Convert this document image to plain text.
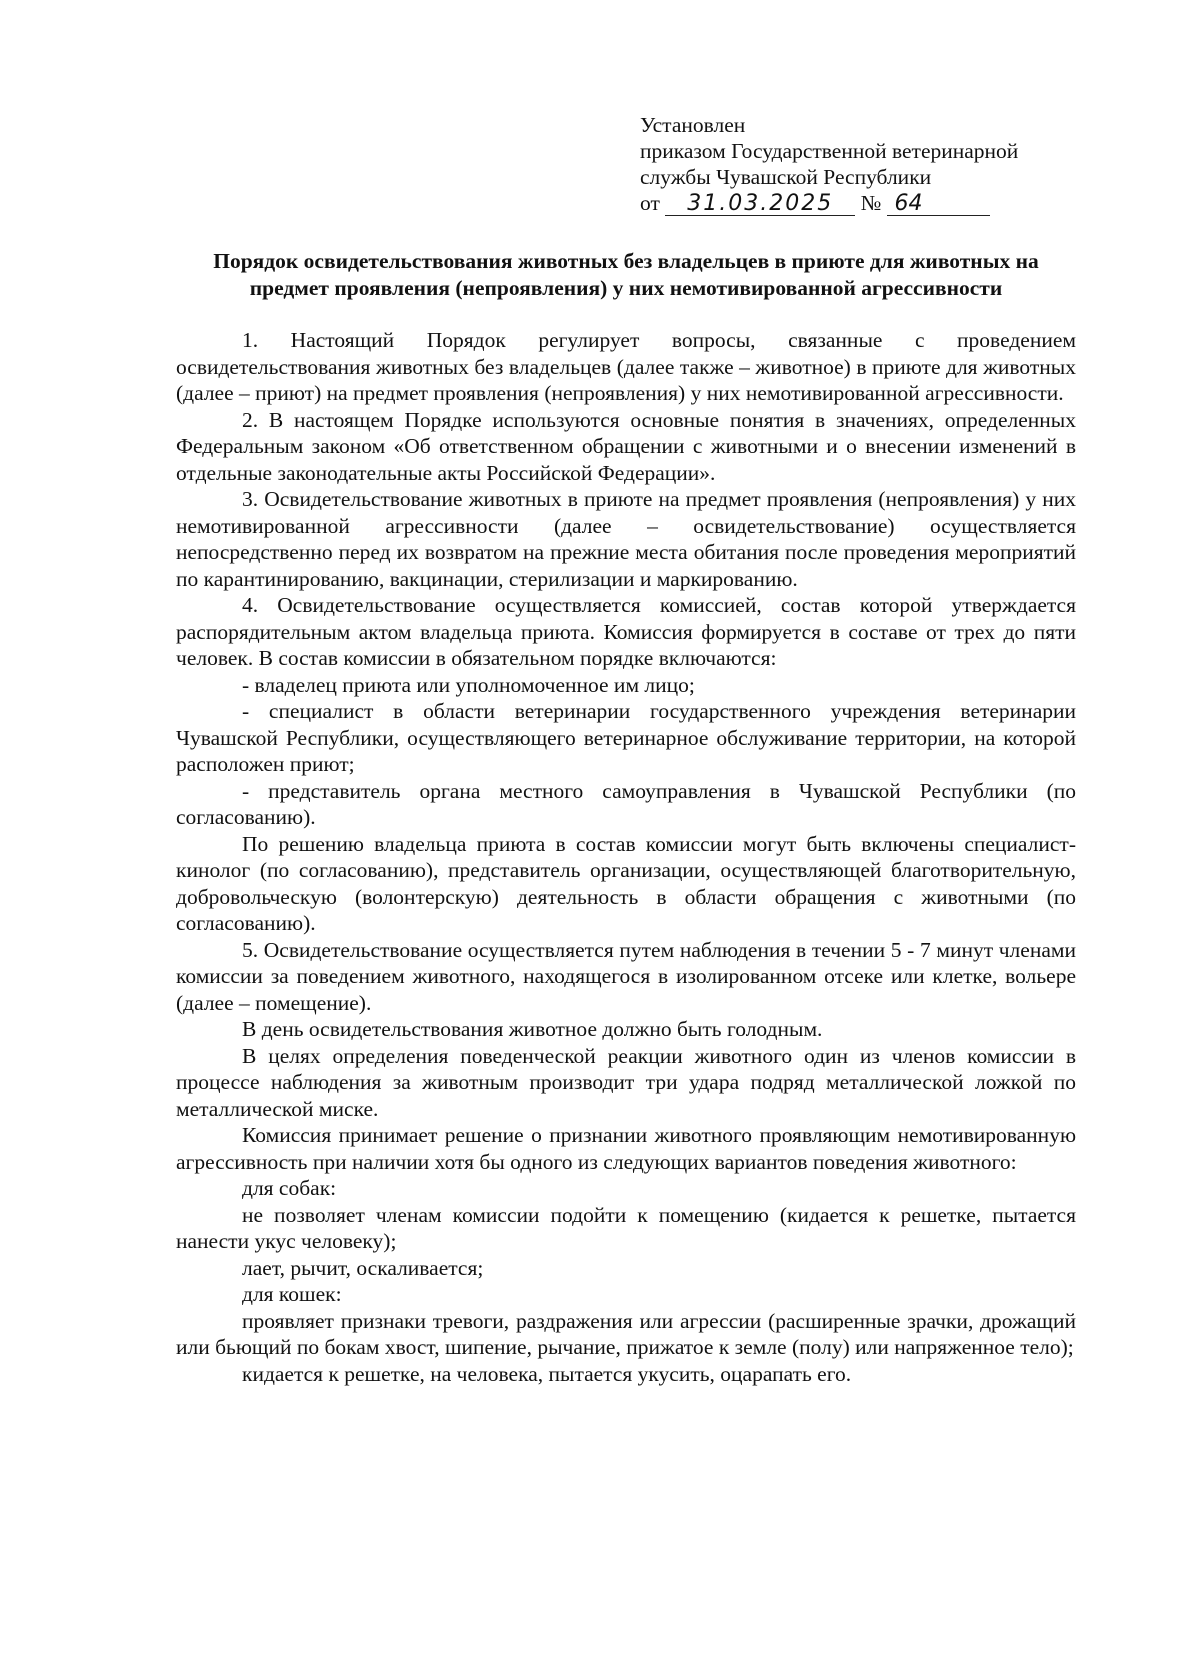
Установлен
приказом Государственной ветеринарной
службы Чувашской Республики
от 31.03.2025 № 64
Порядок освидетельствования животных без владельцев в приюте для животных на предмет проявления (непроявления) у них немотивированной агрессивности

1. Настоящий Порядок регулирует вопросы, связанные с проведением освидетельствования животных без владельцев (далее также – животное) в приюте для животных (далее – приют) на предмет проявления (непроявления) у них немотивированной агрессивности.

2. В настоящем Порядке используются основные понятия в значениях, определенных Федеральным законом «Об ответственном обращении с животными и о внесении изменений в отдельные законодательные акты Российской Федерации».

3. Освидетельствование животных в приюте на предмет проявления (непроявления) у них немотивированной агрессивности (далее – освидетельствование) осуществляется непосредственно перед их возвратом на прежние места обитания после проведения мероприятий по карантинированию, вакцинации, стерилизации и маркированию.

4. Освидетельствование осуществляется комиссией, состав которой утверждается распорядительным актом владельца приюта. Комиссия формируется в составе от трех до пяти человек. В состав комиссии в обязательном порядке включаются:

- владелец приюта или уполномоченное им лицо;

- специалист в области ветеринарии государственного учреждения ветеринарии Чувашской Республики, осуществляющего ветеринарное обслуживание территории, на которой расположен приют;

- представитель органа местного самоуправления в Чувашской Республики (по согласованию).

По решению владельца приюта в состав комиссии могут быть включены специалист-кинолог (по согласованию), представитель организации, осуществляющей благотворительную, добровольческую (волонтерскую) деятельность в области обращения с животными (по согласованию).

5. Освидетельствование осуществляется путем наблюдения в течении 5 - 7 минут членами комиссии за поведением животного, находящегося в изолированном отсеке или клетке, вольере (далее – помещение).

В день освидетельствования животное должно быть голодным.

В целях определения поведенческой реакции животного один из членов комиссии в процессе наблюдения за животным производит три удара подряд металлической ложкой по металлической миске.

Комиссия принимает решение о признании животного проявляющим немотивированную агрессивность при наличии хотя бы одного из следующих вариантов поведения животного:

для собак:

не позволяет членам комиссии подойти к помещению (кидается к решетке, пытается нанести укус человеку);

лает, рычит, оскаливается;

для кошек:

проявляет признаки тревоги, раздражения или агрессии (расширенные зрачки, дрожащий или бьющий по бокам хвост, шипение, рычание, прижатое к земле (полу) или напряженное тело);

кидается к решетке, на человека, пытается укусить, оцарапать его.
